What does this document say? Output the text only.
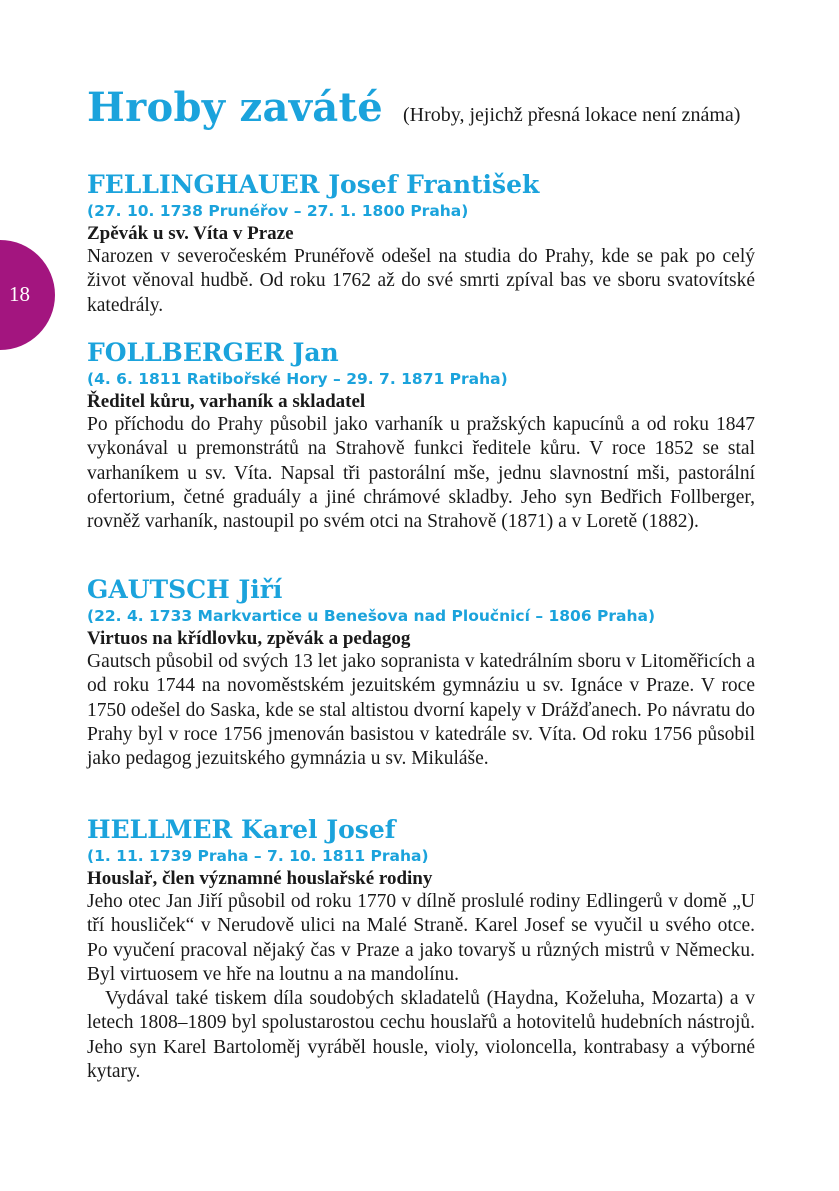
18
Hroby zaváté (Hroby, jejichž přesná lokace není známa)
FELLINGHAUER Josef František
(27. 10. 1738 Prunéřov – 27. 1. 1800 Praha)
Zpěvák u sv. Víta v Praze

Narozen v severočeském Prunéřově odešel na studia do Prahy, kde se pak po celý život věnoval hudbě. Od roku 1762 až do své smrti zpíval bas ve sboru svatovítské katedrály.

FOLLBERGER Jan
(4. 6. 1811 Ratibořské Hory – 29. 7. 1871 Praha)
Ředitel kůru, varhaník a skladatel

Po příchodu do Prahy působil jako varhaník u pražských kapucínů a od roku 1847 vykonával u premonstrátů na Strahově funkci ředitele kůru. V roce 1852 se stal varhaníkem u sv. Víta. Napsal tři pastorální mše, jednu slavnostní mši, pastorální ofertorium, četné graduály a jiné chrámové skladby. Jeho syn Bedřich Follberger, rovněž varhaník, nastoupil po svém otci na Strahově (1871) a v Loretě (1882).

GAUTSCH Jiří
(22. 4. 1733 Markvartice u Benešova nad Ploučnicí – 1806 Praha)
Virtuos na křídlovku, zpěvák a pedagog

Gautsch působil od svých 13 let jako sopranista v katedrálním sboru v Litoměřicích a od roku 1744 na novoměstském jezuitském gymnáziu u sv. Ignáce v Praze. V roce 1750 odešel do Saska, kde se stal altistou dvorní kapely v Drážďanech. Po návratu do Prahy byl v roce 1756 jmenován basistou v katedrále sv. Víta. Od roku 1756 působil jako pedagog jezuitského gymnázia u sv. Mikuláše.

HELLMER Karel Josef
(1. 11. 1739 Praha – 7. 10. 1811 Praha)
Houslař, člen významné houslařské rodiny

Jeho otec Jan Jiří působil od roku 1770 v dílně proslulé rodiny Edlingerů v domě „U tří housliček“ v Nerudově ulici na Malé Straně. Karel Josef se vyučil u svého otce. Po vyučení pracoval nějaký čas v Praze a jako tovaryš u různých mistrů v Německu. Byl virtuosem ve hře na loutnu a na mandolínu.

Vydával také tiskem díla soudobých skladatelů (Haydna, Koželuha, Mozarta) a v letech 1808–1809 byl spolustarostou cechu houslařů a hotovitelů hudebních nástrojů. Jeho syn Karel Bartoloměj vyráběl housle, violy, violoncella, kontrabasy a výborné kytary.
